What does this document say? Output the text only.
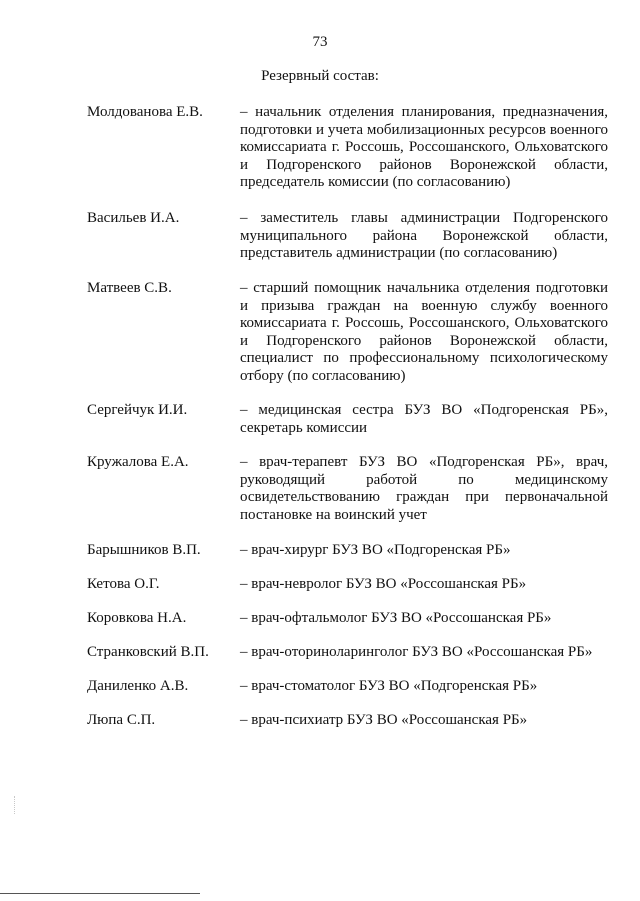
73
Резервный состав:
Молдованова Е.В.	– начальник отделения планирования, предназначения, подготовки и учета мобилизационных ресурсов военного комиссариата г. Россошь, Россошанского, Ольховатского и Подгоренского районов Воронежской области, председатель комиссии (по согласованию)
Васильев И.А.	– заместитель главы администрации Подгоренского муниципального района Воронежской области, представитель администрации (по согласованию)
Матвеев С.В.	– старший помощник начальника отделения подготовки и призыва граждан на военную службу военного комиссариата г. Россошь, Россошанского, Ольховатского и Подгоренского районов Воронежской области, специалист по профессиональному психологическому отбору (по согласованию)
Сергейчук И.И.	– медицинская сестра БУЗ ВО «Подгоренская РБ», секретарь комиссии
Кружалова Е.А.	– врач-терапевт БУЗ ВО «Подгоренская РБ», врач, руководящий работой по медицинскому освидетельствованию граждан при первоначальной постановке на воинский учет
Барышников В.П.	– врач-хирург БУЗ ВО «Подгоренская РБ»
Кетова О.Г.	– врач-невролог БУЗ ВО «Россошанская РБ»
Коровкова Н.А.	– врач-офтальмолог БУЗ ВО «Россошанская РБ»
Странковский В.П.	– врач-оториноларинголог БУЗ ВО «Россошанская РБ»
Даниленко А.В.	– врач-стоматолог БУЗ ВО «Подгоренская РБ»
Люпа С.П.	– врач-психиатр БУЗ ВО «Россошанская РБ»
